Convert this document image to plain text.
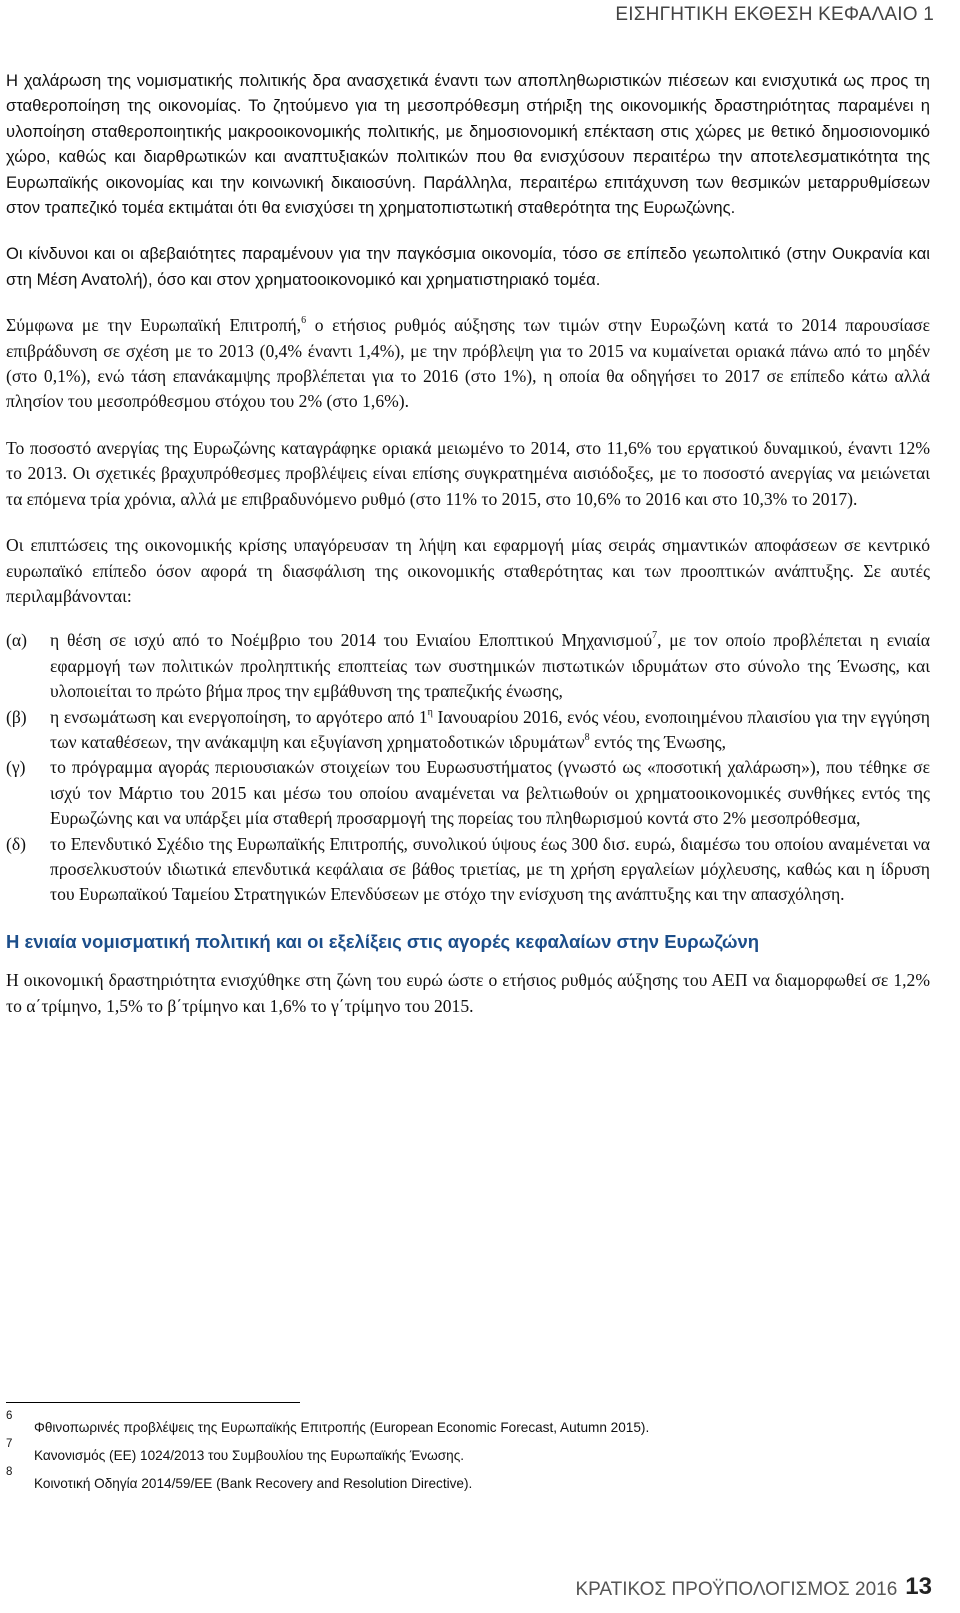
ΕΙΣΗΓΗΤΙΚΗ ΕΚΘΕΣΗ ΚΕΦΑΛΑΙΟ 1

Η χαλάρωση της νομισματικής πολιτικής δρα ανασχετικά έναντι των αποπληθωριστικών πιέσεων και ενισχυτικά ως προς τη σταθεροποίηση της οικονομίας. Το ζητούμενο για τη μεσοπρόθεσμη στήριξη της οικονομικής δραστηριότητας παραμένει η υλοποίηση σταθεροποιητικής μακροοικονομικής πολιτικής, με δημοσιονομική επέκταση στις χώρες με θετικό δημοσιονομικό χώρο, καθώς και διαρθρωτικών και αναπτυξιακών πολιτικών που θα ενισχύσουν περαιτέρω την αποτελεσματικότητα της Ευρωπαϊκής οικονομίας και την κοινωνική δικαιοσύνη. Παράλληλα, περαιτέρω επιτάχυνση των θεσμικών μεταρρυθμίσεων στον τραπεζικό τομέα εκτιμάται ότι θα ενισχύσει τη χρηματοπιστωτική σταθερότητα της Ευρωζώνης.

Οι κίνδυνοι και οι αβεβαιότητες παραμένουν για την παγκόσμια οικονομία, τόσο σε επίπεδο γεωπολιτικό (στην Ουκρανία και στη Μέση Ανατολή), όσο και στον χρηματοοικονομικό και χρηματιστηριακό τομέα.

Σύμφωνα με την Ευρωπαϊκή Επιτροπή,$^6$ ο ετήσιος ρυθμός αύξησης των τιμών στην Ευρωζώνη κατά το 2014 παρουσίασε επιβράδυνση σε σχέση με το 2013 (0,4% έναντι 1,4%), με την πρόβλεψη για το 2015 να κυμαίνεται οριακά πάνω από το μηδέν (στο 0,1%), ενώ τάση επανάκαμψης προβλέπεται για το 2016 (στο 1%), η οποία θα οδηγήσει το 2017 σε επίπεδο κάτω αλλά πλησίον του μεσοπρόθεσμου στόχου του 2% (στο 1,6%).

Το ποσοστό ανεργίας της Ευρωζώνης καταγράφηκε οριακά μειωμένο το 2014, στο 11,6% του εργατικού δυναμικού, έναντι 12% το 2013. Οι σχετικές βραχυπρόθεσμες προβλέψεις είναι επίσης συγκρατημένα αισιόδοξες, με το ποσοστό ανεργίας να μειώνεται τα επόμενα τρία χρόνια, αλλά με επιβραδυνόμενο ρυθμό (στο 11% το 2015, στο 10,6% το 2016 και στο 10,3% το 2017).

Οι επιπτώσεις της οικονομικής κρίσης υπαγόρευσαν τη λήψη και εφαρμογή μίας σειράς σημαντικών αποφάσεων σε κεντρικό ευρωπαϊκό επίπεδο όσον αφορά τη διασφάλιση της οικονομικής σταθερότητας και των προοπτικών ανάπτυξης. Σε αυτές περιλαμβάνονται:

(α)	η θέση σε ισχύ από το Νοέμβριο του 2014 του Ενιαίου Εποπτικού Μηχανισμού$^7$, με τον οποίο προβλέπεται η ενιαία εφαρμογή των πολιτικών προληπτικής εποπτείας των συστημικών πιστωτικών ιδρυμάτων στο σύνολο της Ένωσης, και υλοποιείται το πρώτο βήμα προς την εμβάθυνση της τραπεζικής ένωσης,
(β)	η ενσωμάτωση και ενεργοποίηση, το αργότερο από $1^\eta$ Ιανουαρίου 2016, ενός νέου, ενοποιημένου πλαισίου για την εγγύηση των καταθέσεων, την ανάκαμψη και εξυγίανση χρηματοδοτικών ιδρυμάτων$^8$ εντός της Ένωσης,
(γ)	το πρόγραμμα αγοράς περιουσιακών στοιχείων του Ευρωσυστήματος (γνωστό ως «ποσοτική χαλάρωση»), που τέθηκε σε ισχύ τον Μάρτιο του 2015 και μέσω του οποίου αναμένεται να βελτιωθούν οι χρηματοοικονομικές συνθήκες εντός της Ευρωζώνης και να υπάρξει μία σταθερή προσαρμογή της πορείας του πληθωρισμού κοντά στο 2% μεσοπρόθεσμα,
(δ)	το Επενδυτικό Σχέδιο της Ευρωπαϊκής Επιτροπής, συνολικού ύψους έως 300 δισ. ευρώ, διαμέσω του οποίου αναμένεται να προσελκυστούν ιδιωτικά επενδυτικά κεφάλαια σε βάθος τριετίας, με τη χρήση εργαλείων μόχλευσης, καθώς και η ίδρυση του Ευρωπαϊκού Ταμείου Στρατηγικών Επενδύσεων με στόχο την ενίσχυση της ανάπτυξης και την απασχόληση.
Η ενιαία νομισματική πολιτική και οι εξελίξεις στις αγορές κεφαλαίων στην Ευρωζώνη

Η οικονομική δραστηριότητα ενισχύθηκε στη ζώνη του ευρώ ώστε ο ετήσιος ρυθμός αύξησης του ΑΕΠ να διαμορφωθεί σε 1,2% το α΄τρίμηνο, 1,5% το β΄τρίμηνο και 1,6% το γ΄τρίμηνο του 2015.

6
Φθινοπωρινές προβλέψεις της Ευρωπαϊκής Επιτροπής (European Economic Forecast, Autumn 2015).
7
Κανονισμός (ΕΕ) 1024/2013 του Συμβουλίου της Ευρωπαϊκής Ένωσης.
8
Κοινοτική Οδηγία 2014/59/ΕΕ (Bank Recovery and Resolution Directive).
ΚΡΑΤΙΚΟΣ ΠΡΟΫΠΟΛΟΓΙΣΜΟΣ 2016 13
